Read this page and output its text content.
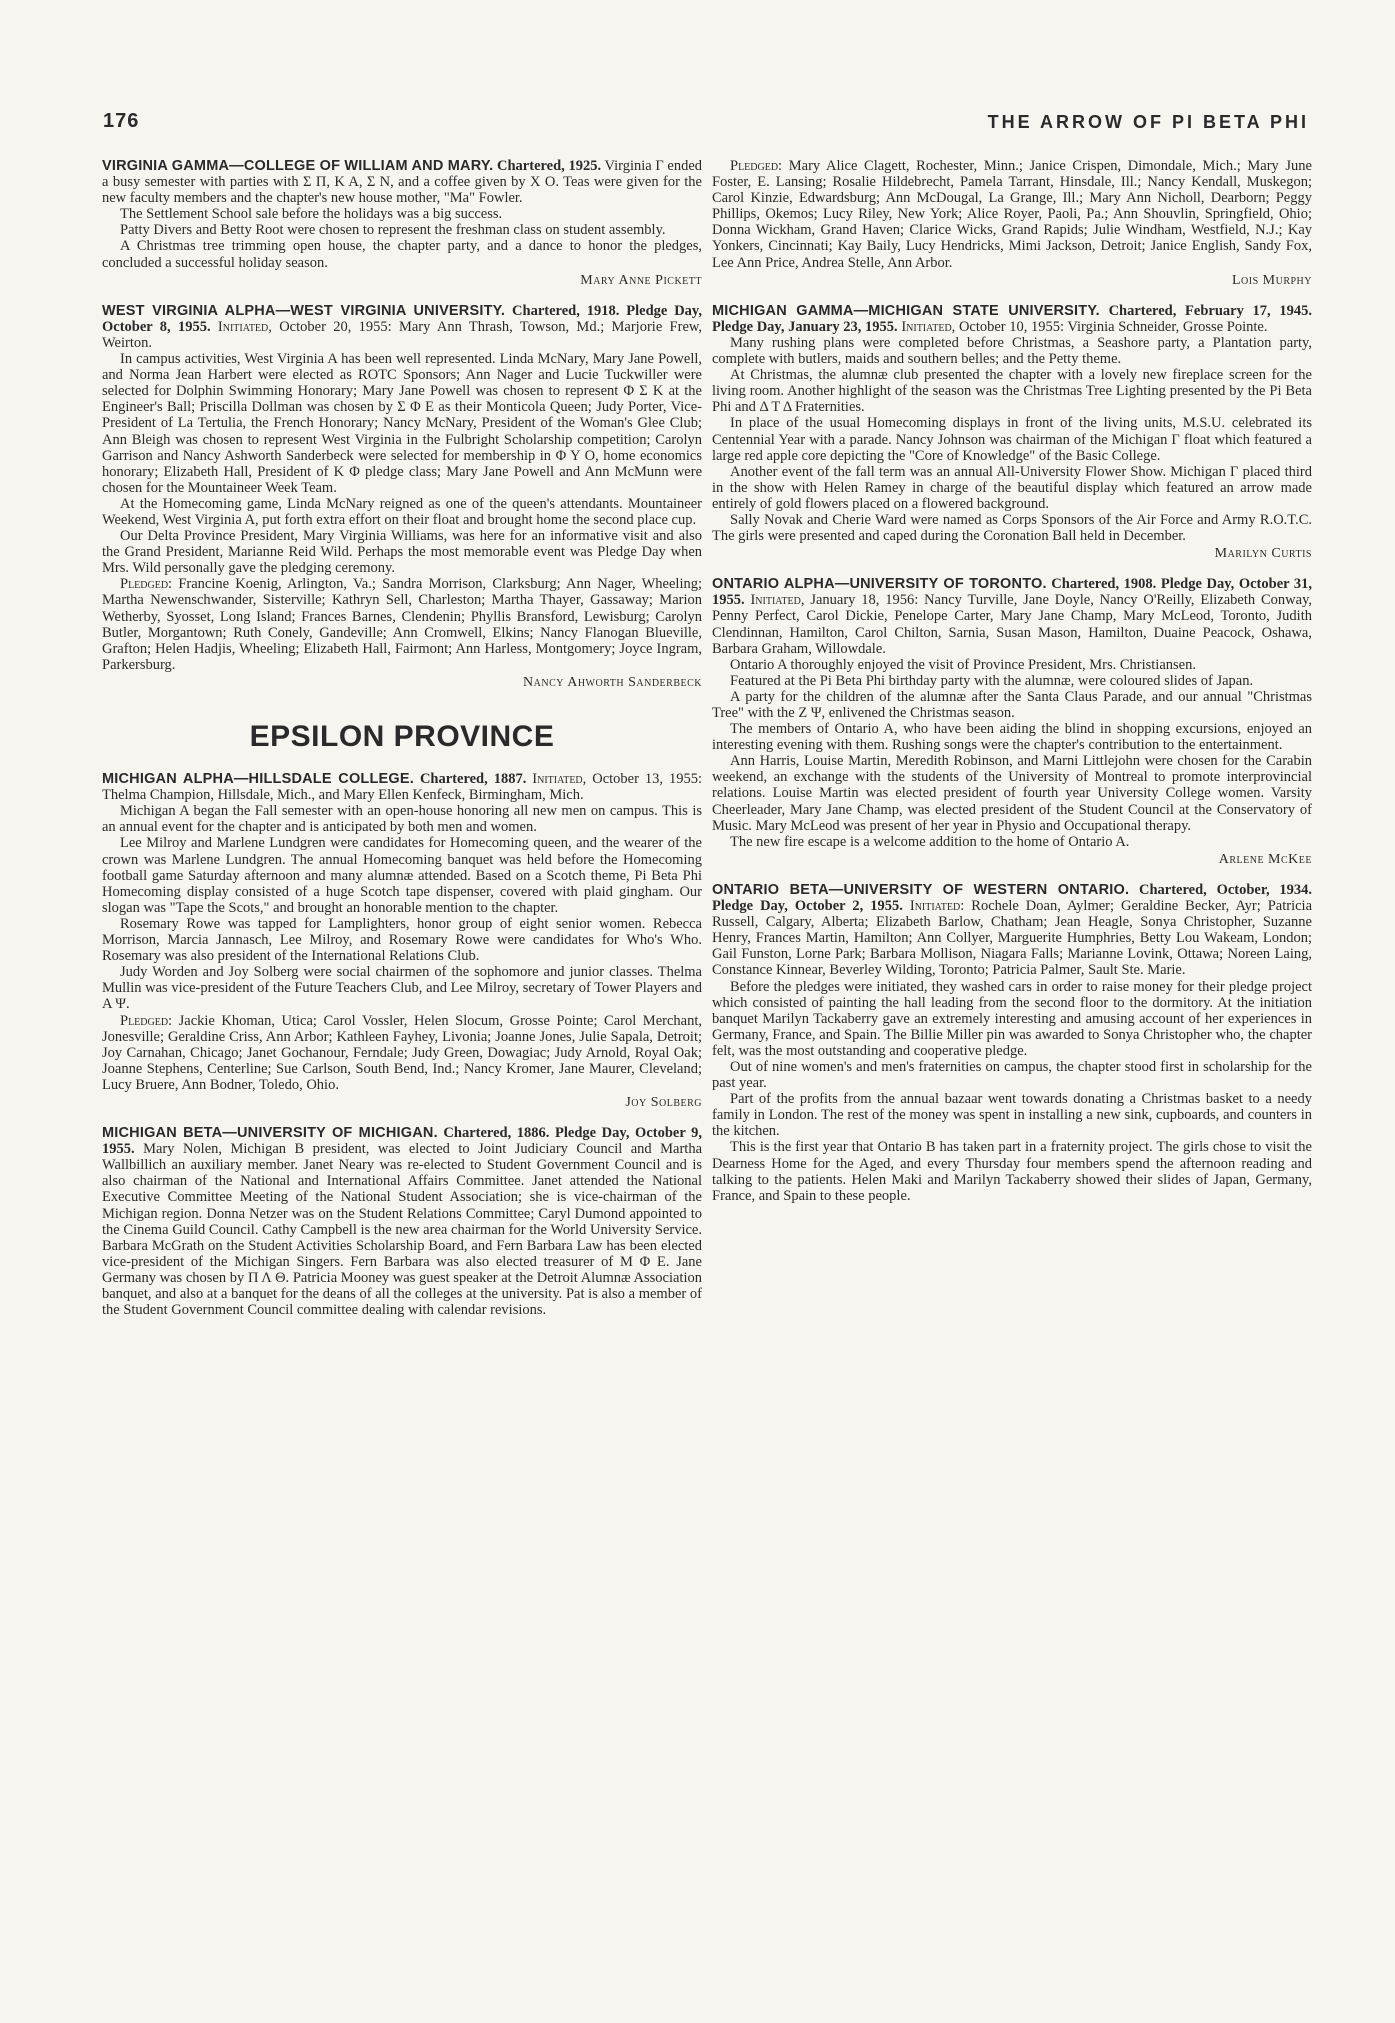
176	THE ARROW OF PI BETA PHI

VIRGINIA GAMMA—COLLEGE OF WILLIAM AND MARY. Chartered, 1925. Virginia Γ ended a busy semester with parties with Σ Π, K A, Σ N, and a coffee given by X O. Teas were given for the new faculty members and the chapter's new house mother, "Ma" Fowler.

The Settlement School sale before the holidays was a big success.

Patty Divers and Betty Root were chosen to represent the freshman class on student assembly.

A Christmas tree trimming open house, the chapter party, and a dance to honor the pledges, concluded a successful holiday season.

Mary Anne Pickett

WEST VIRGINIA ALPHA—WEST VIRGINIA UNIVERSITY. Chartered, 1918. Pledge Day, October 8, 1955. Initiated, October 20, 1955: Mary Ann Thrash, Towson, Md.; Marjorie Frew, Weirton.

In campus activities, West Virginia A has been well represented. Linda McNary, Mary Jane Powell, and Norma Jean Harbert were elected as ROTC Sponsors; Ann Nager and Lucie Tuckwiller were selected for Dolphin Swimming Honorary; Mary Jane Powell was chosen to represent Φ Σ K at the Engineer's Ball; Priscilla Dollman was chosen by Σ Φ E as their Monticola Queen; Judy Porter, Vice-President of La Tertulia, the French Honorary; Nancy McNary, President of the Woman's Glee Club; Ann Bleigh was chosen to represent West Virginia in the Fulbright Scholarship competition; Carolyn Garrison and Nancy Ashworth Sanderbeck were selected for membership in Φ Υ O, home economics honorary; Elizabeth Hall, President of K Φ pledge class; Mary Jane Powell and Ann McMunn were chosen for the Mountaineer Week Team.

At the Homecoming game, Linda McNary reigned as one of the queen's attendants. Mountaineer Weekend, West Virginia A, put forth extra effort on their float and brought home the second place cup.

Our Delta Province President, Mary Virginia Williams, was here for an informative visit and also the Grand President, Marianne Reid Wild. Perhaps the most memorable event was Pledge Day when Mrs. Wild personally gave the pledging ceremony.

Pledged: Francine Koenig, Arlington, Va.; Sandra Morrison, Clarksburg; Ann Nager, Wheeling; Martha Newenschwander, Sisterville; Kathryn Sell, Charleston; Martha Thayer, Gassaway; Marion Wetherby, Syosset, Long Island; Frances Barnes, Clendenin; Phyllis Bransford, Lewisburg; Carolyn Butler, Morgantown; Ruth Conely, Gandeville; Ann Cromwell, Elkins; Nancy Flanogan Blueville, Grafton; Helen Hadjis, Wheeling; Elizabeth Hall, Fairmont; Ann Harless, Montgomery; Joyce Ingram, Parkersburg.

Nancy Ahworth Sanderbeck
EPSILON PROVINCE

MICHIGAN ALPHA—HILLSDALE COLLEGE. Chartered, 1887. Initiated, October 13, 1955: Thelma Champion, Hillsdale, Mich., and Mary Ellen Kenfeck, Birmingham, Mich.

Michigan A began the Fall semester with an open-house honoring all new men on campus. This is an annual event for the chapter and is anticipated by both men and women.

Lee Milroy and Marlene Lundgren were candidates for Homecoming queen, and the wearer of the crown was Marlene Lundgren. The annual Homecoming banquet was held before the Homecoming football game Saturday afternoon and many alumnæ attended. Based on a Scotch theme, Pi Beta Phi Homecoming display consisted of a huge Scotch tape dispenser, covered with plaid gingham. Our slogan was "Tape the Scots," and brought an honorable mention to the chapter.

Rosemary Rowe was tapped for Lamplighters, honor group of eight senior women. Rebecca Morrison, Marcia Jannasch, Lee Milroy, and Rosemary Rowe were candidates for Who's Who. Rosemary was also president of the International Relations Club.

Judy Worden and Joy Solberg were social chairmen of the sophomore and junior classes. Thelma Mullin was vice-president of the Future Teachers Club, and Lee Milroy, secretary of Tower Players and A Ψ.

Pledged: Jackie Khoman, Utica; Carol Vossler, Helen Slocum, Grosse Pointe; Carol Merchant, Jonesville; Geraldine Criss, Ann Arbor; Kathleen Fayhey, Livonia; Joanne Jones, Julie Sapala, Detroit; Joy Carnahan, Chicago; Janet Gochanour, Ferndale; Judy Green, Dowagiac; Judy Arnold, Royal Oak; Joanne Stephens, Centerline; Sue Carlson, South Bend, Ind.; Nancy Kromer, Jane Maurer, Cleveland; Lucy Bruere, Ann Bodner, Toledo, Ohio.

Joy Solberg

MICHIGAN BETA—UNIVERSITY OF MICHIGAN. Chartered, 1886. Pledge Day, October 9, 1955. Mary Nolen, Michigan B president, was elected to Joint Judiciary Council and Martha Wallbillich an auxiliary member. Janet Neary was re-elected to Student Government Council and is also chairman of the National and International Affairs Committee. Janet attended the National Executive Committee Meeting of the National Student Association; she is vice-chairman of the Michigan region. Donna Netzer was on the Student Relations Committee; Caryl Dumond appointed to the Cinema Guild Council. Cathy Campbell is the new area chairman for the World University Service. Barbara McGrath on the Student Activities Scholarship Board, and Fern Barbara Law has been elected vice-president of the Michigan Singers. Fern Barbara was also elected treasurer of M Φ E. Jane Germany was chosen by Π Λ Θ. Patricia Mooney was guest speaker at the Detroit Alumnæ Association banquet, and also at a banquet for the deans of all the colleges at the university. Pat is also a member of the Student Government Council committee dealing with calendar revisions.

Pledged: Mary Alice Clagett, Rochester, Minn.; Janice Crispen, Dimondale, Mich.; Mary June Foster, E. Lansing; Rosalie Hildebrecht, Pamela Tarrant, Hinsdale, Ill.; Nancy Kendall, Muskegon; Carol Kinzie, Edwardsburg; Ann McDougal, La Grange, Ill.; Mary Ann Nicholl, Dearborn; Peggy Phillips, Okemos; Lucy Riley, New York; Alice Royer, Paoli, Pa.; Ann Shouvlin, Springfield, Ohio; Donna Wickham, Grand Haven; Clarice Wicks, Grand Rapids; Julie Windham, Westfield, N.J.; Kay Yonkers, Cincinnati; Kay Baily, Lucy Hendricks, Mimi Jackson, Detroit; Janice English, Sandy Fox, Lee Ann Price, Andrea Stelle, Ann Arbor.

Lois Murphy

MICHIGAN GAMMA—MICHIGAN STATE UNIVERSITY. Chartered, February 17, 1945. Pledge Day, January 23, 1955. Initiated, October 10, 1955: Virginia Schneider, Grosse Pointe.

Many rushing plans were completed before Christmas, a Seashore party, a Plantation party, complete with butlers, maids and southern belles; and the Petty theme.

At Christmas, the alumnæ club presented the chapter with a lovely new fireplace screen for the living room. Another highlight of the season was the Christmas Tree Lighting presented by the Pi Beta Phi and Δ Τ Δ Fraternities.

In place of the usual Homecoming displays in front of the living units, M.S.U. celebrated its Centennial Year with a parade. Nancy Johnson was chairman of the Michigan Γ float which featured a large red apple core depicting the "Core of Knowledge" of the Basic College.

Another event of the fall term was an annual All-University Flower Show. Michigan Γ placed third in the show with Helen Ramey in charge of the beautiful display which featured an arrow made entirely of gold flowers placed on a flowered background.

Sally Novak and Cherie Ward were named as Corps Sponsors of the Air Force and Army R.O.T.C. The girls were presented and caped during the Coronation Ball held in December.

Marilyn Curtis

ONTARIO ALPHA—UNIVERSITY OF TORONTO. Chartered, 1908. Pledge Day, October 31, 1955. Initiated, January 18, 1956: Nancy Turville, Jane Doyle, Nancy O'Reilly, Elizabeth Conway, Penny Perfect, Carol Dickie, Penelope Carter, Mary Jane Champ, Mary McLeod, Toronto, Judith Clendinnan, Hamilton, Carol Chilton, Sarnia, Susan Mason, Hamilton, Duaine Peacock, Oshawa, Barbara Graham, Willowdale.

Ontario A thoroughly enjoyed the visit of Province President, Mrs. Christiansen.

Featured at the Pi Beta Phi birthday party with the alumnæ, were coloured slides of Japan.

A party for the children of the alumnæ after the Santa Claus Parade, and our annual "Christmas Tree" with the Z Ψ, enlivened the Christmas season.

The members of Ontario A, who have been aiding the blind in shopping excursions, enjoyed an interesting evening with them. Rushing songs were the chapter's contribution to the entertainment.

Ann Harris, Louise Martin, Meredith Robinson, and Marni Littlejohn were chosen for the Carabin weekend, an exchange with the students of the University of Montreal to promote interprovincial relations. Louise Martin was elected president of fourth year University College women. Varsity Cheerleader, Mary Jane Champ, was elected president of the Student Council at the Conservatory of Music. Mary McLeod was present of her year in Physio and Occupational therapy.

The new fire escape is a welcome addition to the home of Ontario A.

Arlene McKee

ONTARIO BETA—UNIVERSITY OF WESTERN ONTARIO. Chartered, October, 1934. Pledge Day, October 2, 1955. Initiated: Rochele Doan, Aylmer; Geraldine Becker, Ayr; Patricia Russell, Calgary, Alberta; Elizabeth Barlow, Chatham; Jean Heagle, Sonya Christopher, Suzanne Henry, Frances Martin, Hamilton; Ann Collyer, Marguerite Humphries, Betty Lou Wakeam, London; Gail Funston, Lorne Park; Barbara Mollison, Niagara Falls; Marianne Lovink, Ottawa; Noreen Laing, Constance Kinnear, Beverley Wilding, Toronto; Patricia Palmer, Sault Ste. Marie.

Before the pledges were initiated, they washed cars in order to raise money for their pledge project which consisted of painting the hall leading from the second floor to the dormitory. At the initiation banquet Marilyn Tackaberry gave an extremely interesting and amusing account of her experiences in Germany, France, and Spain. The Billie Miller pin was awarded to Sonya Christopher who, the chapter felt, was the most outstanding and cooperative pledge.

Out of nine women's and men's fraternities on campus, the chapter stood first in scholarship for the past year.

Part of the profits from the annual bazaar went towards donating a Christmas basket to a needy family in London. The rest of the money was spent in installing a new sink, cupboards, and counters in the kitchen.

This is the first year that Ontario B has taken part in a fraternity project. The girls chose to visit the Dearness Home for the Aged, and every Thursday four members spend the afternoon reading and talking to the patients. Helen Maki and Marilyn Tackaberry showed their slides of Japan, Germany, France, and Spain to these people.
